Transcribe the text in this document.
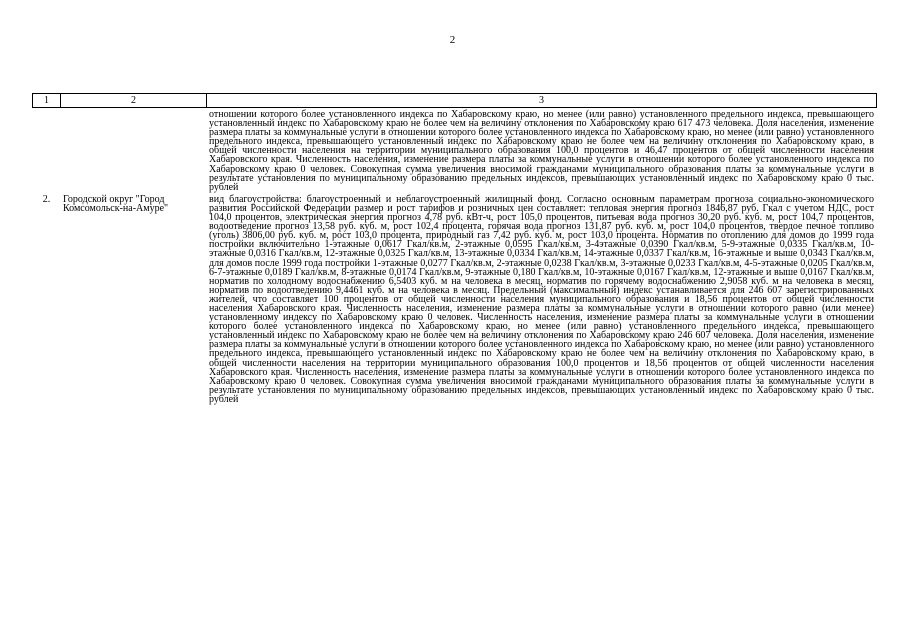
2
1	2	3

		отношении которого более установленного индекса по Хабаровскому краю, но менее (или равно) установленного предельного индекса, превышающего установленный индекс по Хабаровскому краю не более чем на величину отклонения по Хабаровскому краю 617 473 человека. Доля населения, изменение размера платы за коммунальные услуги в отношении которого более установленного индекса по Хабаровскому краю, но менее (или равно) установленного предельного индекса, превышающего установленный индекс по Хабаровскому краю не более чем на величину отклонения по Хабаровскому краю, в общей численности населения на территории муниципального образования 100,0 процентов и 46,47 процентов от общей численности населения Хабаровского края. Численность населения, изменение размера платы за коммунальные услуги в отношении которого более установленного индекса по Хабаровскому краю 0 человек. Совокупная сумма увеличения вносимой гражданами муниципального образования платы за коммунальные услуги в результате установления по муниципальному образованию предельных индексов, превышающих установленный индекс по Хабаровскому краю 0 тыс. рублей

2.	Городской округ "Город Комсомольск-на-Амуре"	вид благоустройства: благоустроенный и неблагоустроенный жилищный фонд. Согласно основным параметрам прогноза социально-экономического развития Российской Федерации размер и рост тарифов и розничных цен составляет: тепловая энергия прогноз 1846,87 руб. Гкал с учетом НДС, рост 104,0 процентов, электрическая энергия прогноз 4,78 руб. кВт-ч, рост 105,0 процентов, питьевая вода прогноз 30,20 руб. куб. м, рост 104,7 процентов, водоотведение прогноз 13,58 руб. куб. м, рост 102,4 процента, горячая вода прогноз 131,87 руб. куб. м, рост 104,0 процентов, твердое печное топливо (уголь) 3806,00 руб. куб. м, рост 103,0 процента, природный газ 7,42 руб. куб. м, рост 103,0 процента. Норматив по отоплению для домов до 1999 года постройки включительно 1-этажные 0,0617 Гкал/кв.м, 2-этажные 0,0595 Гкал/кв.м, 3-4этажные 0,0390 Гкал/кв.м, 5-9-этажные 0,0335 Гкал/кв.м, 10-этажные 0,0316 Гкал/кв.м, 12-этажные 0,0325 Гкал/кв.м, 13-этажные 0,0334 Гкал/кв.м, 14-этажные 0,0337 Гкал/кв.м, 16-этажные и выше 0,0343 Гкал/кв.м, для домов после 1999 года постройки 1-этажные 0,0277 Гкал/кв.м, 2-этажные 0,0238 Гкал/кв.м, 3-этажные 0,0233 Гкал/кв.м, 4-5-этажные 0,0205 Гкал/кв.м, 6-7-этажные 0,0189 Гкал/кв.м, 8-этажные 0,0174 Гкал/кв.м, 9-этажные 0,180 Гкал/кв.м, 10-этажные 0,0167 Гкал/кв.м, 12-этажные и выше 0,0167 Гкал/кв.м, норматив по холодному водоснабжению 6,5403 куб. м на человека в месяц, норматив по горячему водоснабжению 2,9058 куб. м на человека в месяц, норматив по водоотведению 9,4461 куб. м на человека в месяц. Предельный (максимальный) индекс устанавливается для 246 607 зарегистрированных жителей, что составляет 100 процентов от общей численности населения муниципального образования и 18,56 процентов от общей численности населения Хабаровского края. Численность населения, изменение размера платы за коммунальные услуги в отношении которого равно (или менее) установленному индексу по Хабаровскому краю 0 человек. Численность населения, изменение размера платы за коммунальные услуги в отношении которого более установленного индекса по Хабаровскому краю, но менее (или равно) установленного предельного индекса, превышающего установленный индекс по Хабаровскому краю не более чем на величину отклонения по Хабаровскому краю 246 607 человека. Доля населения, изменение размера платы за коммунальные услуги в отношении которого более установленного индекса по Хабаровскому краю, но менее (или равно) установленного предельного индекса, превышающего установленный индекс по Хабаровскому краю не более чем на величину отклонения по Хабаровскому краю, в общей численности населения на территории муниципального образования 100,0 процентов и 18,56 процентов от общей численности населения Хабаровского края. Численность населения, изменение размера платы за коммунальные услуги в отношении которого более установленного индекса по Хабаровскому краю 0 человек. Совокупная сумма увеличения вносимой гражданами муниципального образования платы за коммунальные услуги в результате установления по муниципальному образованию предельных индексов, превышающих установленный индекс по Хабаровскому краю 0 тыс. рублей
